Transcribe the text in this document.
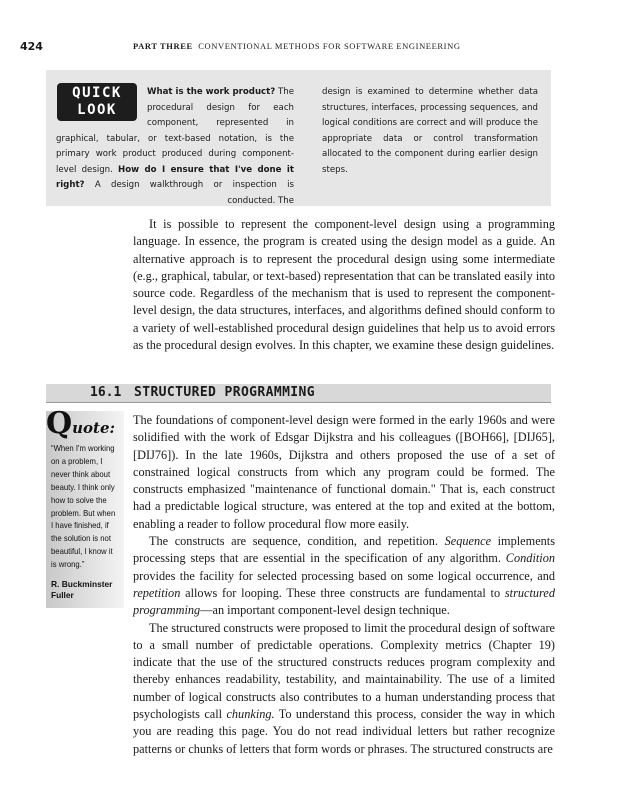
424	PART THREE CONVENTIONAL METHODS FOR SOFTWARE ENGINEERING
QUICK
LOOK

What is the work product? The procedural design for each component, represented in graphical, tabular, or text-based notation, is the primary work product produced during component-level design. How do I ensure that I've done it right? A design walkthrough or inspection is conducted. The

design is examined to determine whether data structures, interfaces, processing sequences, and logical conditions are correct and will produce the appropriate data or control transformation allocated to the component during earlier design steps.

It is possible to represent the component-level design using a programming language. In essence, the program is created using the design model as a guide. An alternative approach is to represent the procedural design using some intermediate (e.g., graphical, tabular, or text-based) representation that can be translated easily into source code. Regardless of the mechanism that is used to represent the component-level design, the data structures, interfaces, and algorithms defined should conform to a variety of well-established procedural design guidelines that help us to avoid errors as the procedural design evolves. In this chapter, we examine these design guidelines.

16.1 STRUCTURED PROGRAMMING
Quote:
“When I'm working on a problem, I never think about beauty. I think only how to solve the problem. But when I have finished, if the solution is not beautiful, I know it is wrong.”
R. Buckminster Fuller

The foundations of component-level design were formed in the early 1960s and were solidified with the work of Edsgar Dijkstra and his colleagues ([BOH66], [DIJ65], [DIJ76]). In the late 1960s, Dijkstra and others proposed the use of a set of constrained logical constructs from which any program could be formed. The constructs emphasized "maintenance of functional domain." That is, each construct had a predictable logical structure, was entered at the top and exited at the bottom, enabling a reader to follow procedural flow more easily.

The constructs are sequence, condition, and repetition. Sequence implements processing steps that are essential in the specification of any algorithm. Condition provides the facility for selected processing based on some logical occurrence, and repetition allows for looping. These three constructs are fundamental to structured programming—an important component-level design technique.

The structured constructs were proposed to limit the procedural design of software to a small number of predictable operations. Complexity metrics (Chapter 19) indicate that the use of the structured constructs reduces program complexity and thereby enhances readability, testability, and maintainability. The use of a limited number of logical constructs also contributes to a human understanding process that psychologists call chunking. To understand this process, consider the way in which you are reading this page. You do not read individual letters but rather recognize patterns or chunks of letters that form words or phrases. The structured constructs are
